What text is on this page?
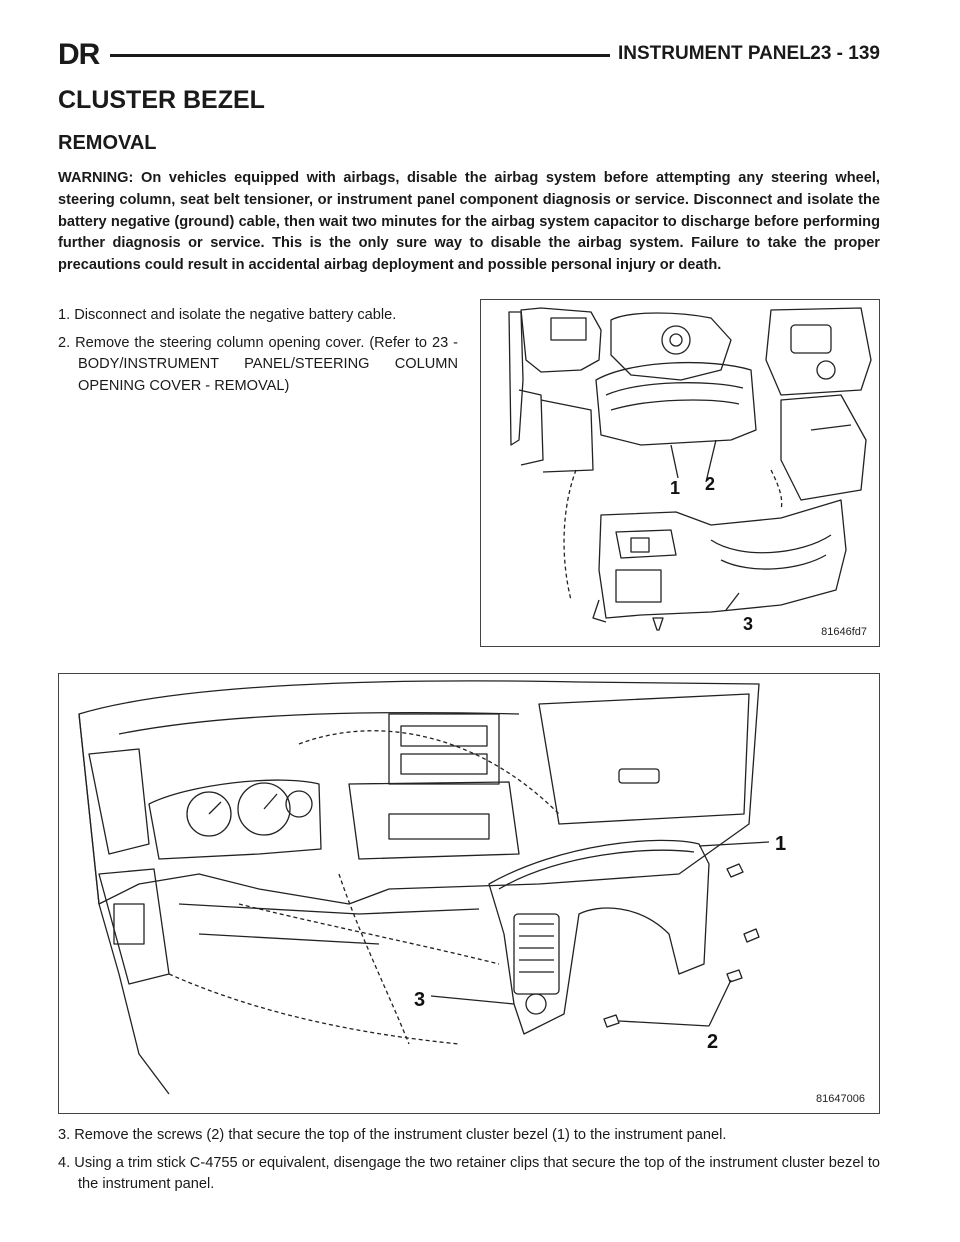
DR	INSTRUMENT PANEL 23 - 139
CLUSTER BEZEL
REMOVAL

WARNING: On vehicles equipped with airbags, disable the airbag system before attempting any steering wheel, steering column, seat belt tensioner, or instrument panel component diagnosis or service. Disconnect and isolate the battery negative (ground) cable, then wait two minutes for the airbag system capacitor to discharge before performing further diagnosis or service. This is the only sure way to disable the airbag system. Failure to take the proper precautions could result in accidental airbag deployment and possible personal injury or death.

1. Disconnect and isolate the negative battery cable.

2. Remove the steering column opening cover. (Refer to 23 - BODY/INSTRUMENT PANEL/STEERING COLUMN OPENING COVER - REMOVAL)

1 2
3	81646fd7
1
2
3
81647006

3. Remove the screws (2) that secure the top of the instrument cluster bezel (1) to the instrument panel.

4. Using a trim stick C-4755 or equivalent, disengage the two retainer clips that secure the top of the instrument cluster bezel to the instrument panel.
